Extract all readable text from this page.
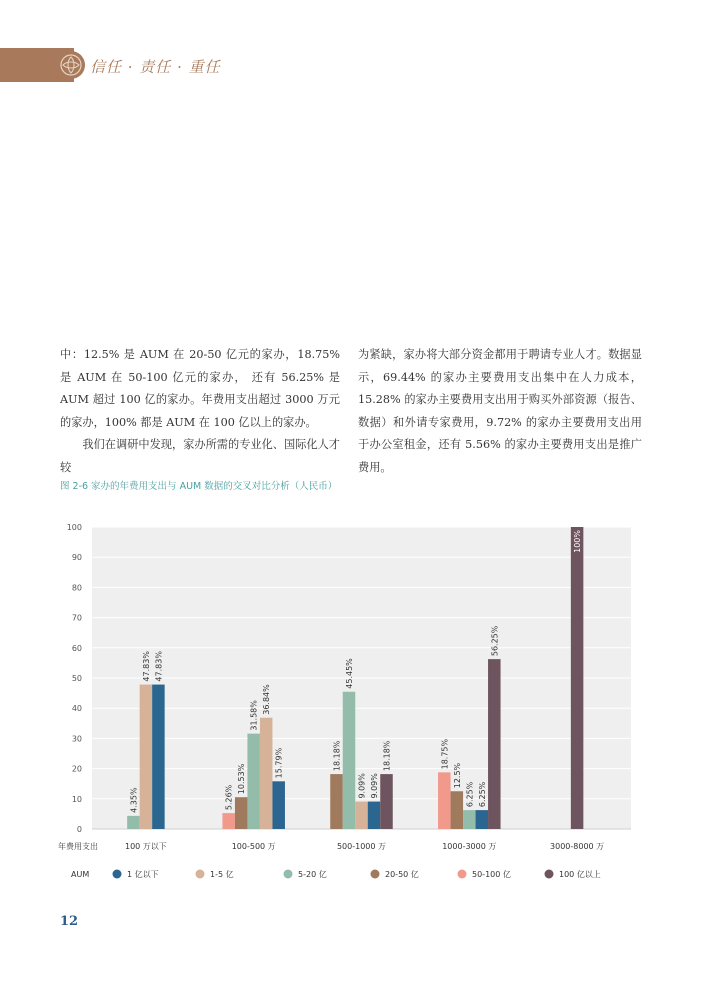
信任 · 责任 · 重任

中：12.5% 是 AUM 在 20-50 亿元的家办，18.75% 是 AUM 在 50-100 亿元的家办， 还有 56.25% 是 AUM 超过 100 亿的家办。年费用支出超过 3000 万元的家办，100% 都是 AUM 在 100 亿以上的家办。

我们在调研中发现，家办所需的专业化、国际化人才较

为紧缺，家办将大部分资金都用于聘请专业人才。数据显示，69.44% 的家办主要费用支出集中在人力成本，15.28% 的家办主要费用支出用于购买外部资源（报告、数据）和外请专家费用，9.72% 的家办主要费用支出用于办公室租金，还有 5.56% 的家办主要费用支出是推广费用。

图 2-6 家办的年费用支出与 AUM 数据的交叉对比分析（人民币）
0
10
20
30
40
50
60
70
80
90
100
4.35%
47.83% 47.83%
100 万以下
5.26%
10.53%
31.58%
36.84%
15.79%
100-500 万
18.18%
45.45%
9.09% 9.09%
18.18%
500-1000 万
18.75%
12.5%
6.25% 6.25%
56.25%
1000-3000 万
100%
3000-8000 万
年费用支出
AUM	1 亿以下	1-5 亿	5-20 亿	20-50 亿	50-100 亿	100 亿以上
12
